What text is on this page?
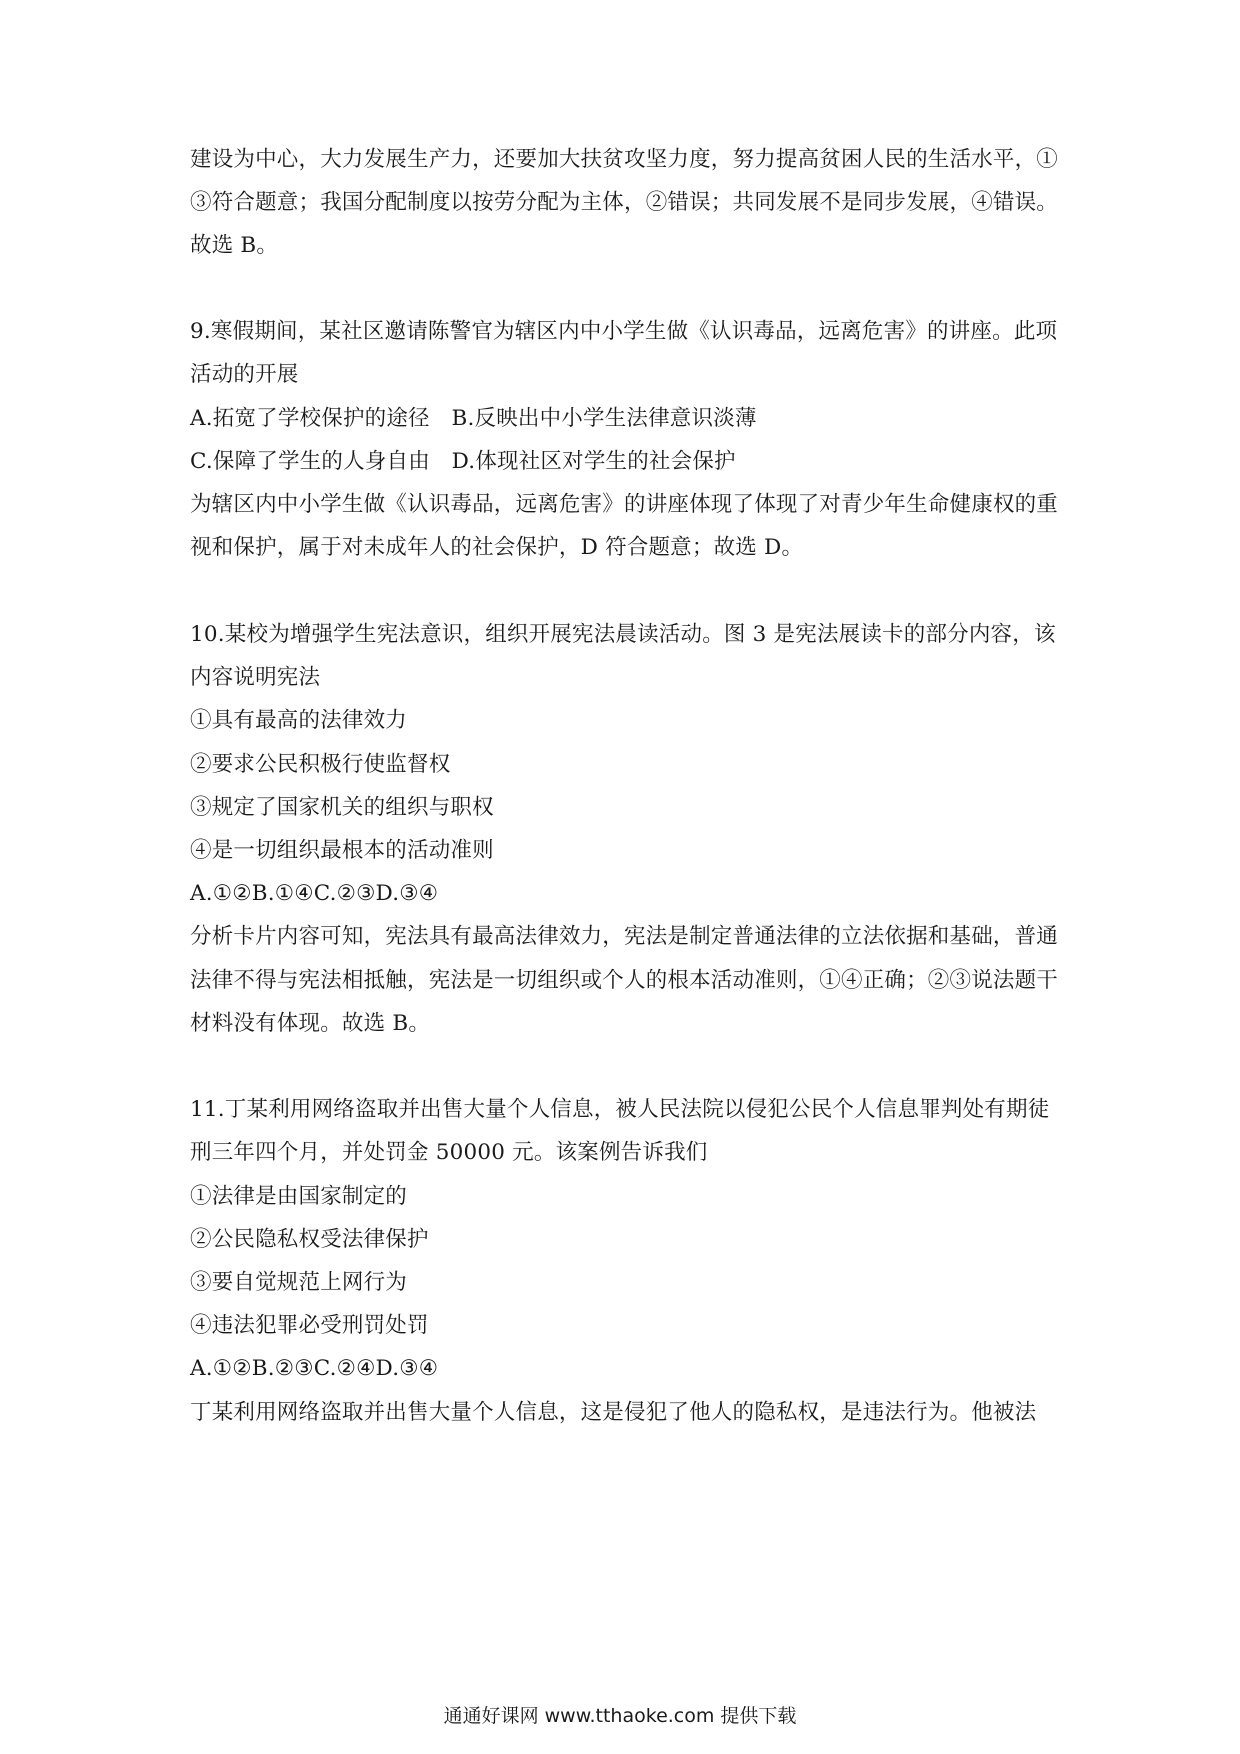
建设为中心，大力发展生产力，还要加大扶贫攻坚力度，努力提高贫困人民的生活水平，①
③符合题意；我国分配制度以按劳分配为主体，②错误；共同发展不是同步发展，④错误。
故选 B。
9.寒假期间，某社区邀请陈警官为辖区内中小学生做《认识毒品，远离危害》的讲座。此项
活动的开展
A.拓宽了学校保护的途径　B.反映出中小学生法律意识淡薄
C.保障了学生的人身自由　D.体现社区对学生的社会保护
为辖区内中小学生做《认识毒品，远离危害》的讲座体现了体现了对青少年生命健康权的重
视和保护，属于对未成年人的社会保护，D 符合题意；故选 D。
10.某校为增强学生宪法意识，组织开展宪法晨读活动。图 3 是宪法展读卡的部分内容，该
内容说明宪法
①具有最高的法律效力
②要求公民积极行使监督权
③规定了国家机关的组织与职权
④是一切组织最根本的活动准则
A.①②B.①④C.②③D.③④
分析卡片内容可知，宪法具有最高法律效力，宪法是制定普通法律的立法依据和基础，普通
法律不得与宪法相抵触，宪法是一切组织或个人的根本活动准则，①④正确；②③说法题干
材料没有体现。故选 B。
11.丁某利用网络盗取并出售大量个人信息，被人民法院以侵犯公民个人信息罪判处有期徒
刑三年四个月，并处罚金 50000 元。该案例告诉我们
①法律是由国家制定的
②公民隐私权受法律保护
③要自觉规范上网行为
④违法犯罪必受刑罚处罚
A.①②B.②③C.②④D.③④
丁某利用网络盗取并出售大量个人信息，这是侵犯了他人的隐私权，是违法行为。他被法
通通好课网 www.tthaoke.com 提供下载
